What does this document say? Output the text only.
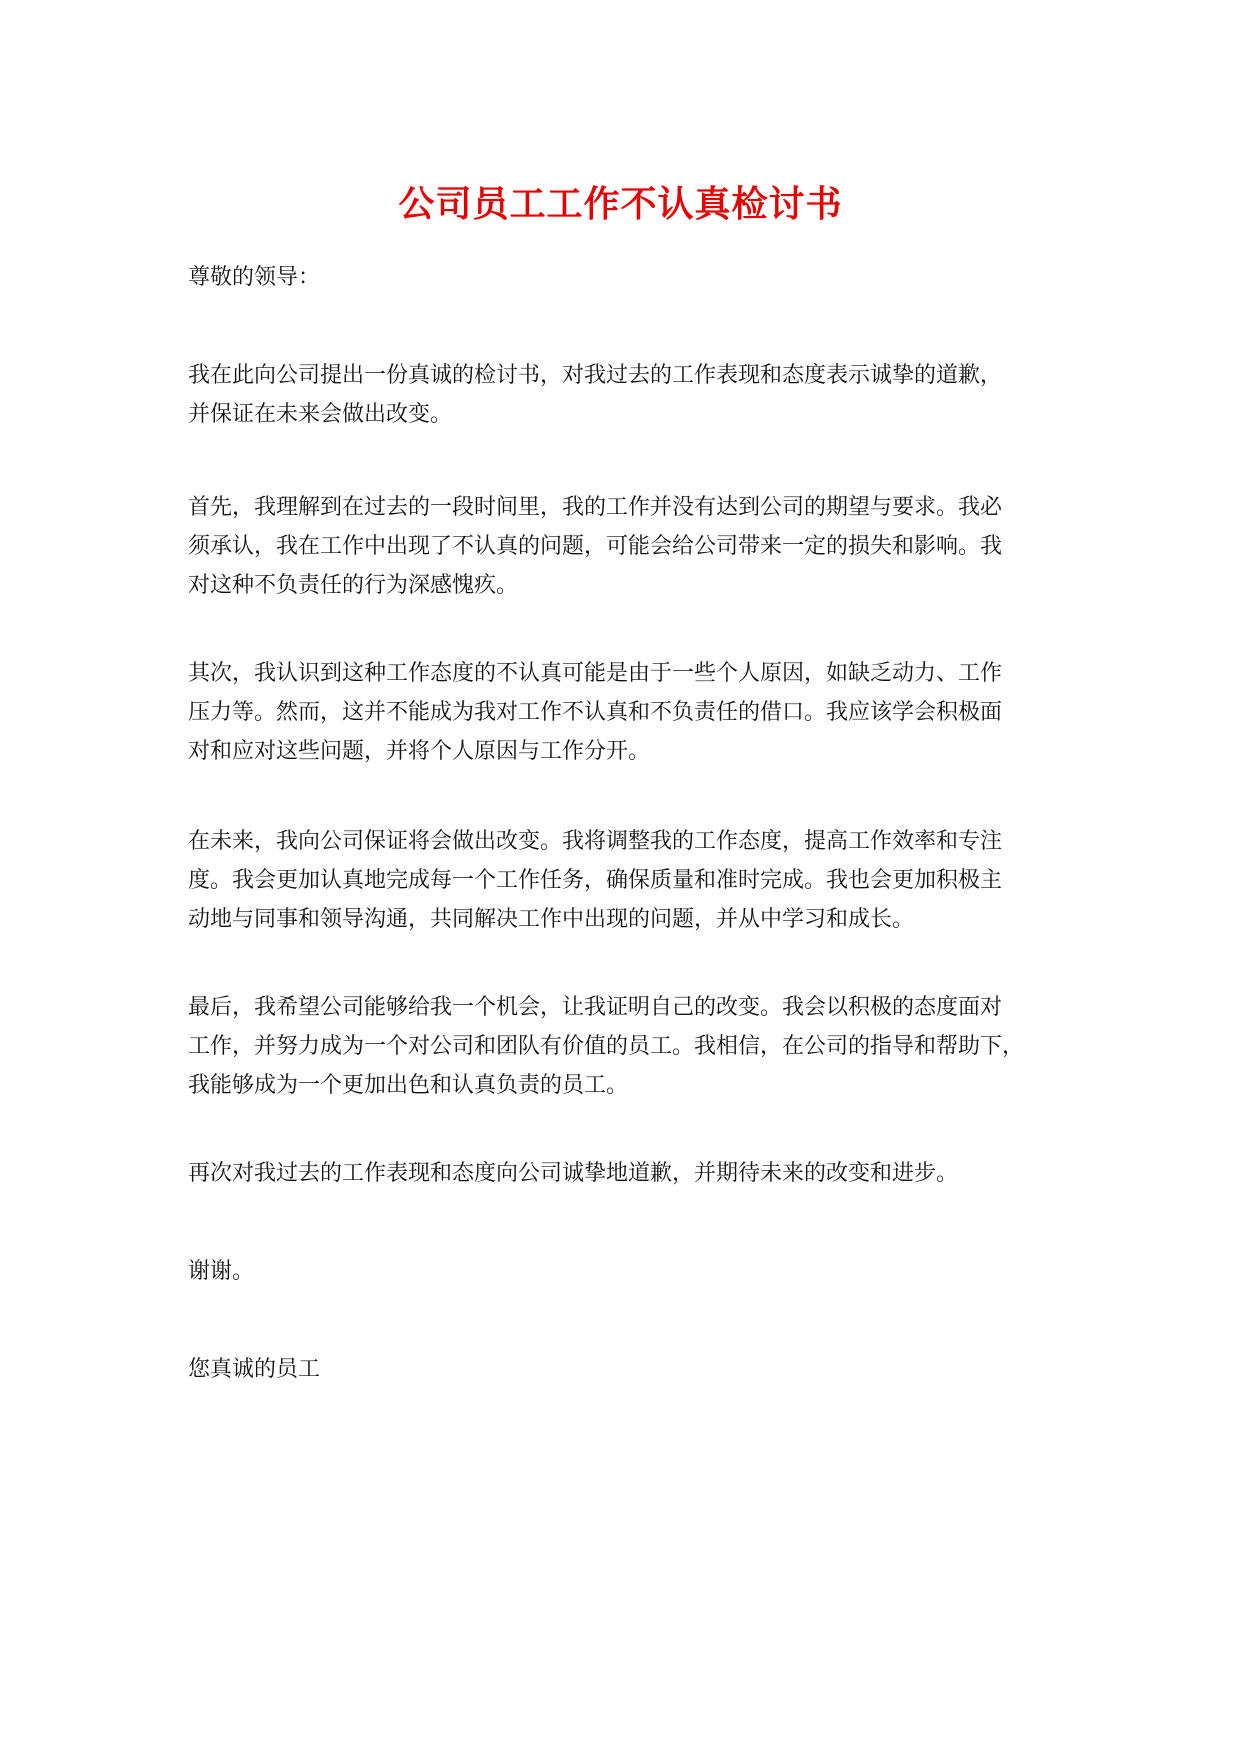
公司员工工作不认真检讨书

尊敬的领导：

我在此向公司提出一份真诚的检讨书，对我过去的工作表现和态度表示诚挚的道歉，
并保证在未来会做出改变。
首先，我理解到在过去的一段时间里，我的工作并没有达到公司的期望与要求。我必
须承认，我在工作中出现了不认真的问题，可能会给公司带来一定的损失和影响。我
对这种不负责任的行为深感愧疚。
其次，我认识到这种工作态度的不认真可能是由于一些个人原因，如缺乏动力、工作
压力等。然而，这并不能成为我对工作不认真和不负责任的借口。我应该学会积极面
对和应对这些问题，并将个人原因与工作分开。
在未来，我向公司保证将会做出改变。我将调整我的工作态度，提高工作效率和专注
度。我会更加认真地完成每一个工作任务，确保质量和准时完成。我也会更加积极主
动地与同事和领导沟通，共同解决工作中出现的问题，并从中学习和成长。
最后，我希望公司能够给我一个机会，让我证明自己的改变。我会以积极的态度面对
工作，并努力成为一个对公司和团队有价值的员工。我相信，在公司的指导和帮助下，
我能够成为一个更加出色和认真负责的员工。
再次对我过去的工作表现和态度向公司诚挚地道歉，并期待未来的改变和进步。

谢谢。

您真诚的员工
